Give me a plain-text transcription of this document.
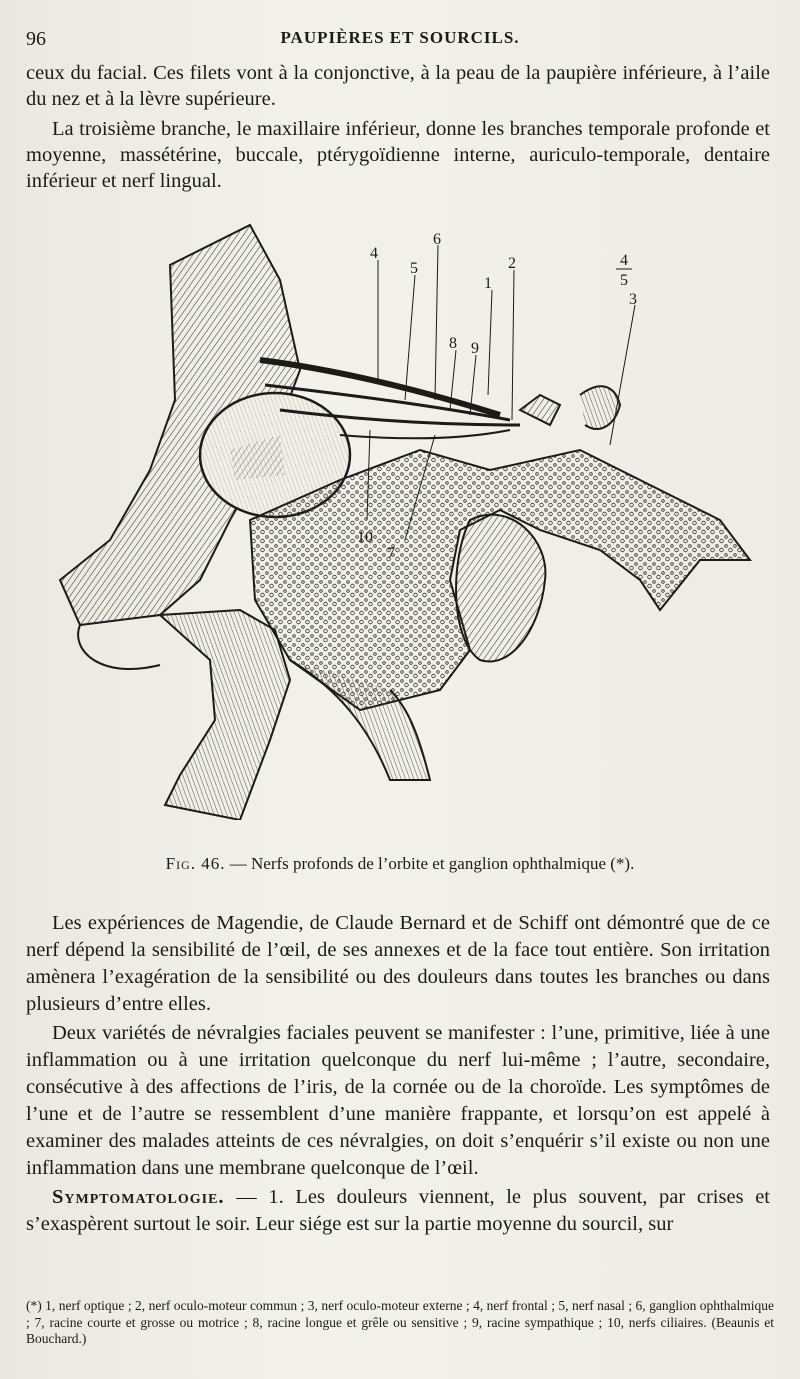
96	PAUPIÈRES ET SOURCILS.

ceux du facial. Ces filets vont à la conjonctive, à la peau de la paupière inférieure, à l’aile du nez et à la lèvre supérieure.

La troisième branche, le maxillaire inférieur, donne les branches temporale profonde et moyenne, massétérine, buccale, ptérygoïdienne interne, auriculo-temporale, dentaire inférieur et nerf lingual.

4
5
6
1
2
8 9
4
5
3
10
7
Fig. 46. — Nerfs profonds de l’orbite et ganglion ophthalmique (*).

Les expériences de Magendie, de Claude Bernard et de Schiff ont démontré que de ce nerf dépend la sensibilité de l’œil, de ses annexes et de la face tout entière. Son irritation amènera l’exagération de la sensibilité ou des douleurs dans toutes les branches ou dans plusieurs d’entre elles.

Deux variétés de névralgies faciales peuvent se manifester : l’une, primitive, liée à une inflammation ou à une irritation quelconque du nerf lui-même ; l’autre, secondaire, consécutive à des affections de l’iris, de la cornée ou de la choroïde. Les symptômes de l’une et de l’autre se ressemblent d’une manière frappante, et lorsqu’on est appelé à examiner des malades atteints de ces névralgies, on doit s’enquérir s’il existe ou non une inflammation dans une membrane quelconque de l’œil.

Symptomatologie. — 1. Les douleurs viennent, le plus souvent, par crises et s’exaspèrent surtout le soir. Leur siége est sur la partie moyenne du sourcil, sur

(*) 1, nerf optique ; 2, nerf oculo-moteur commun ; 3, nerf oculo-moteur externe ; 4, nerf frontal ; 5, nerf nasal ; 6, ganglion ophthalmique ; 7, racine courte et grosse ou motrice ; 8, racine longue et grêle ou sensitive ; 9, racine sympathique ; 10, nerfs ciliaires. (Beaunis et Bouchard.)
